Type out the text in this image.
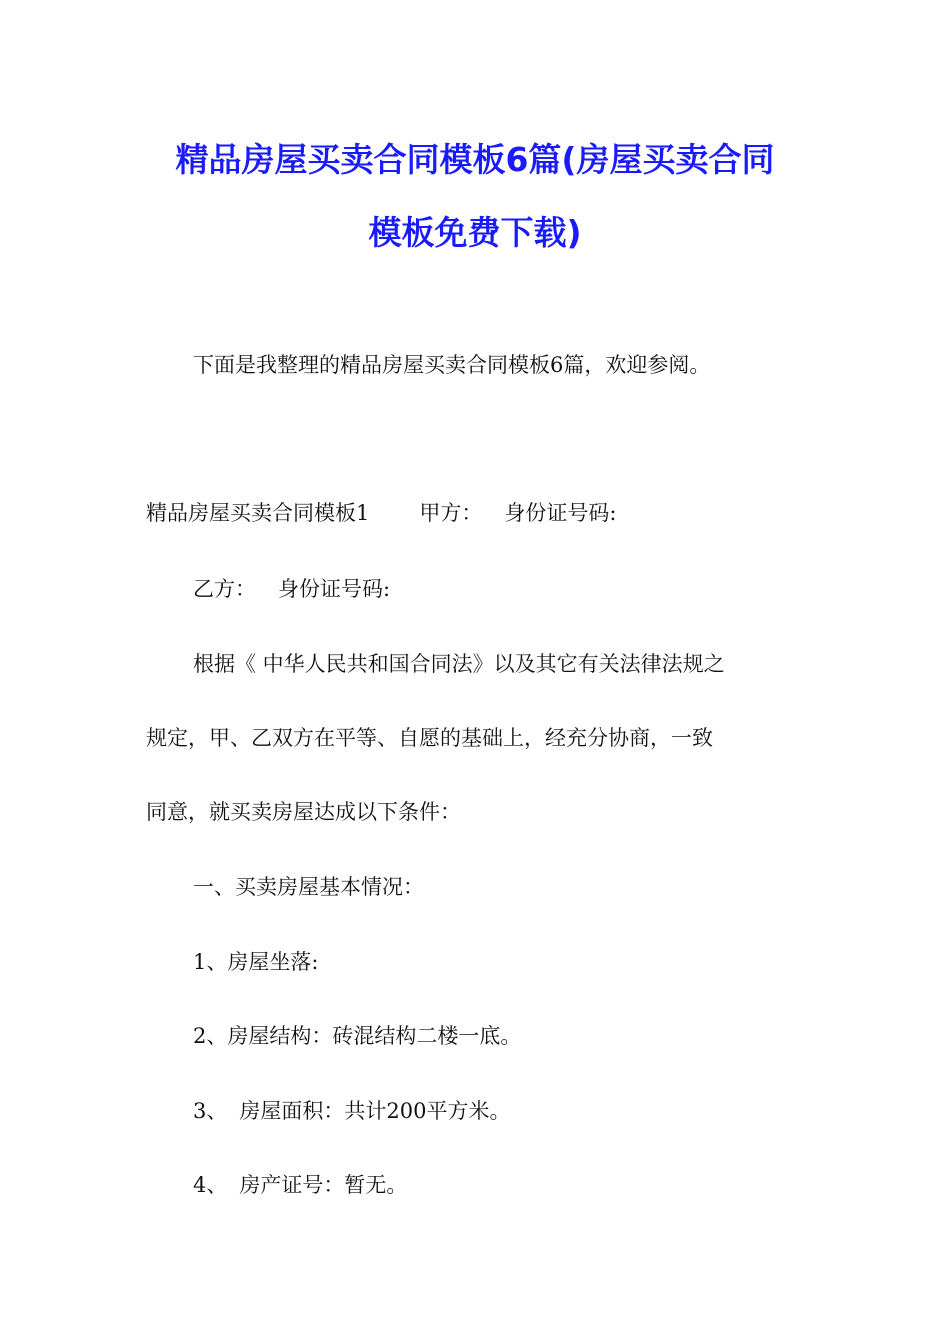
精品房屋买卖合同模板6篇(房屋买卖合同
模板免费下载)
下面是我整理的精品房屋买卖合同模板6篇，欢迎参阅。
精品房屋买卖合同模板1 甲方： 身份证号码:
乙方： 身份证号码:
根据《 中华人民共和国合同法》以及其它有关法律法规之
规定，甲、乙双方在平等、自愿的基础上，经充分协商，一致
同意，就买卖房屋达成以下条件：
一、买卖房屋基本情况：
1、房屋坐落:
2、房屋结构：砖混结构二楼一底。
3、 房屋面积：共计200平方米。
4、 房产证号：暂无。
